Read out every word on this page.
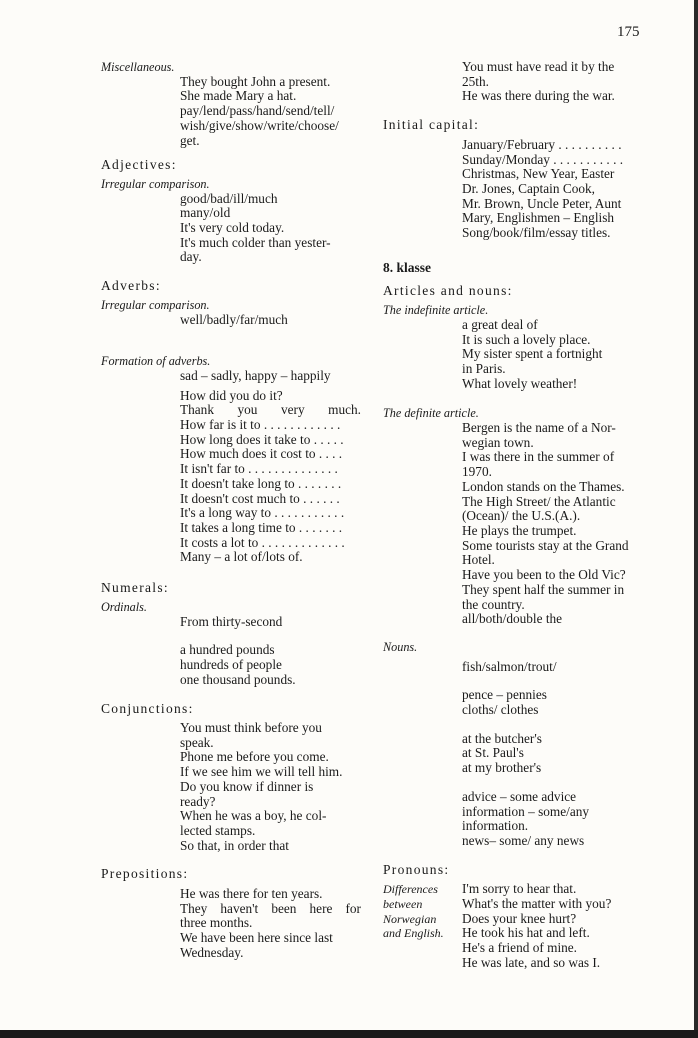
175
Miscellaneous.
They bought John a present.
She made Mary a hat.
pay/lend/pass/hand/send/tell/
wish/give/show/write/choose/
get.
Adjectives:
Irregular comparison.
good/bad/ill/much
many/old
It's very cold today.
It's much colder than yester-
day.
Adverbs:
Irregular comparison.
well/badly/far/much
Formation of adverbs.
sad – sadly, happy – happily
How did you do it?
Thank you very much.
How far is it to . . . . . . . . . . . .
How long does it take to . . . . .
How much does it cost to . . . .
It isn't far to . . . . . . . . . . . . . .
It doesn't take long to . . . . . . .
It doesn't cost much to . . . . . .
It's a long way to . . . . . . . . . . .
It takes a long time to . . . . . . .
It costs a lot to . . . . . . . . . . . . .
Many – a lot of/lots of.
Numerals:
Ordinals.
From thirty-second
a hundred pounds
hundreds of people
one thousand pounds.
Conjunctions:
You must think before you
speak.
Phone me before you come.
If we see him we will tell him.
Do you know if dinner is
ready?
When he was a boy, he col-
lected stamps.
So that, in order that
Prepositions:
He was there for ten years.
They haven't been here for
three months.
We have been here since last
Wednesday.
You must have read it by the
25th.
He was there during the war.
Initial capital:
January/February . . . . . . . . . .
Sunday/Monday . . . . . . . . . . .
Christmas, New Year, Easter
Dr. Jones, Captain Cook,
Mr. Brown, Uncle Peter, Aunt
Mary, Englishmen – English
Song/book/film/essay titles.
8. klasse
Articles and nouns:
The indefinite article.
a great deal of
It is such a lovely place.
My sister spent a fortnight
in Paris.
What lovely weather!
The definite article.
Bergen is the name of a Nor-
wegian town.
I was there in the summer of
1970.
London stands on the Thames.
The High Street/ the Atlantic
(Ocean)/ the U.S.(A.).
He plays the trumpet.
Some tourists stay at the Grand
Hotel.
Have you been to the Old Vic?
They spent half the summer in
the country.
all/both/double the
Nouns.
fish/salmon/trout/
pence – pennies
cloths/ clothes
at the butcher's
at St. Paul's
at my brother's
advice – some advice
information – some/any
information.
news– some/ any news
Pronouns:
Differences
between
Norwegian
and English.
I'm sorry to hear that.
What's the matter with you?
Does your knee hurt?
He took his hat and left.
He's a friend of mine.
He was late, and so was I.
